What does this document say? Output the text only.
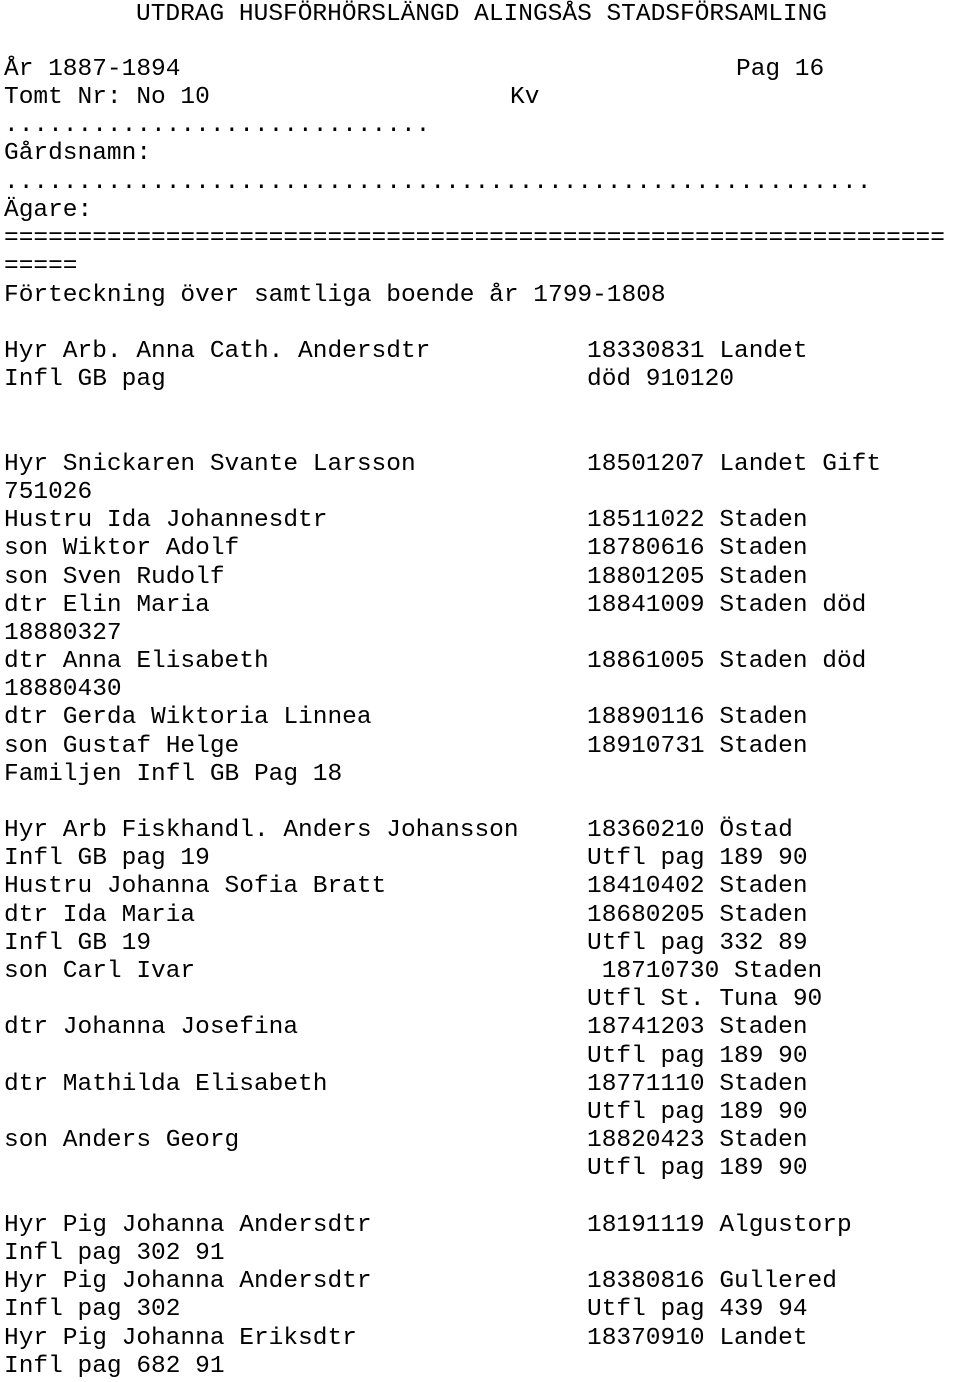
UTDRAG HUSFÖRHÖRSLÄNGD ALINGSÅS STADSFÖRSAMLING
År 1887-1894	Pag 16
Tomt Nr: No 10	Kv
.............................
Gårdsnamn:
...........................................................
Ägare:
================================================================
=====
Förteckning över samtliga boende år 1799-1808
Hyr Arb. Anna Cath. Andersdtr	18330831 Landet
Infl GB pag	död 910120
Hyr Snickaren Svante Larsson	18501207 Landet Gift
751026
Hustru Ida Johannesdtr	18511022 Staden
son Wiktor Adolf	18780616 Staden
son Sven Rudolf	18801205 Staden
dtr Elin Maria	18841009 Staden död
18880327
dtr Anna Elisabeth	18861005 Staden död
18880430
dtr Gerda Wiktoria Linnea	18890116 Staden
son Gustaf Helge	18910731 Staden
Familjen Infl GB Pag 18
Hyr Arb Fiskhandl. Anders Johansson	18360210 Östad
Infl GB pag 19	Utfl pag 189 90
Hustru Johanna Sofia Bratt	18410402 Staden
dtr Ida Maria	18680205 Staden
Infl GB 19	Utfl pag 332 89
son Carl Ivar	18710730 Staden
Utfl St. Tuna 90
dtr Johanna Josefina	18741203 Staden
Utfl pag 189 90
dtr Mathilda Elisabeth	18771110 Staden
Utfl pag 189 90
son Anders Georg	18820423 Staden
Utfl pag 189 90
Hyr Pig Johanna Andersdtr	18191119 Algustorp
Infl pag 302 91
Hyr Pig Johanna Andersdtr	18380816 Gullered
Infl pag 302	Utfl pag 439 94
Hyr Pig Johanna Eriksdtr	18370910 Landet
Infl pag 682 91
